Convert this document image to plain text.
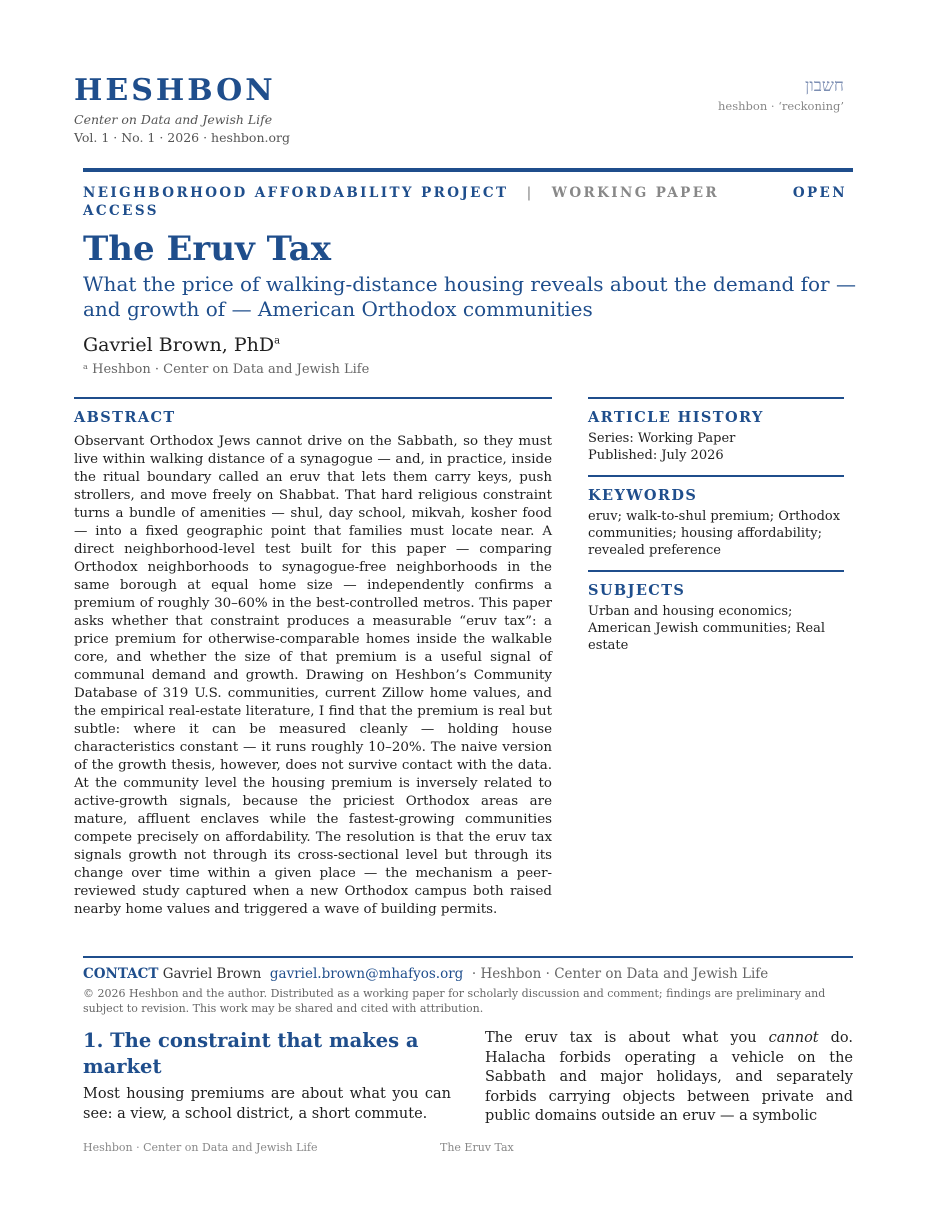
HESHBON
Center on Data and Jewish Life
Vol. 1 · No. 1 · 2026 · heshbon.org
חשבון
heshbon · ‘reckoning’
NEIGHBORHOOD AFFORDABILITY PROJECT | WORKING PAPER	OPEN
ACCESS
The Eruv Tax
What the price of walking-distance housing reveals about the demand for — and growth of — American Orthodox communities
Gavriel Brown, PhD$^a$
ᵃ Heshbon · Center on Data and Jewish Life
ABSTRACT
Observant Orthodox Jews cannot drive on the Sabbath, so they must live within walking distance of a synagogue — and, in practice, inside the ritual boundary called an eruv that lets them carry keys, push strollers, and move freely on Shabbat. That hard religious constraint turns a bundle of amenities — shul, day school, mikvah, kosher food — into a fixed geographic point that families must locate near. A direct neighborhood-level test built for this paper — comparing Orthodox neighborhoods to synagogue-free neighborhoods in the same borough at equal home size — independently confirms a premium of roughly 30–60% in the best-controlled metros. This paper asks whether that constraint produces a measurable “eruv tax”: a price premium for otherwise-comparable homes inside the walkable core, and whether the size of that premium is a useful signal of communal demand and growth. Drawing on Heshbon’s Community Database of 319 U.S. communities, current Zillow home values, and the empirical real-estate literature, I find that the premium is real but subtle: where it can be measured cleanly — holding house characteristics constant — it runs roughly 10–20%. The naive version of the growth thesis, however, does not survive contact with the data. At the community level the housing premium is inversely related to active-growth signals, because the priciest Orthodox areas are mature, affluent enclaves while the fastest-growing communities compete precisely on affordability. The resolution is that the eruv tax signals growth not through its cross-sectional level but through its change over time within a given place — the mechanism a peer-reviewed study captured when a new Orthodox campus both raised nearby home values and triggered a wave of building permits.
ARTICLE HISTORY
Series: Working Paper
Published: July 2026
KEYWORDS
eruv; walk-to-shul premium; Orthodox communities; housing affordability; revealed preference
SUBJECTS
Urban and housing economics; American Jewish communities; Real estate
CONTACT Gavriel Brown gavriel.brown@mhafyos.org · Heshbon · Center on Data and Jewish Life
© 2026 Heshbon and the author. Distributed as a working paper for scholarly discussion and comment; findings are preliminary and subject to revision. This work may be shared and cited with attribution.
1. The constraint that makes a market
Most housing premiums are about what you can see: a view, a school district, a short commute.
The eruv tax is about what you cannot do. Halacha forbids operating a vehicle on the Sabbath and major holidays, and separately forbids carrying objects between private and public domains outside an eruv — a symbolic
Heshbon · Center on Data and Jewish Life	The Eruv Tax
